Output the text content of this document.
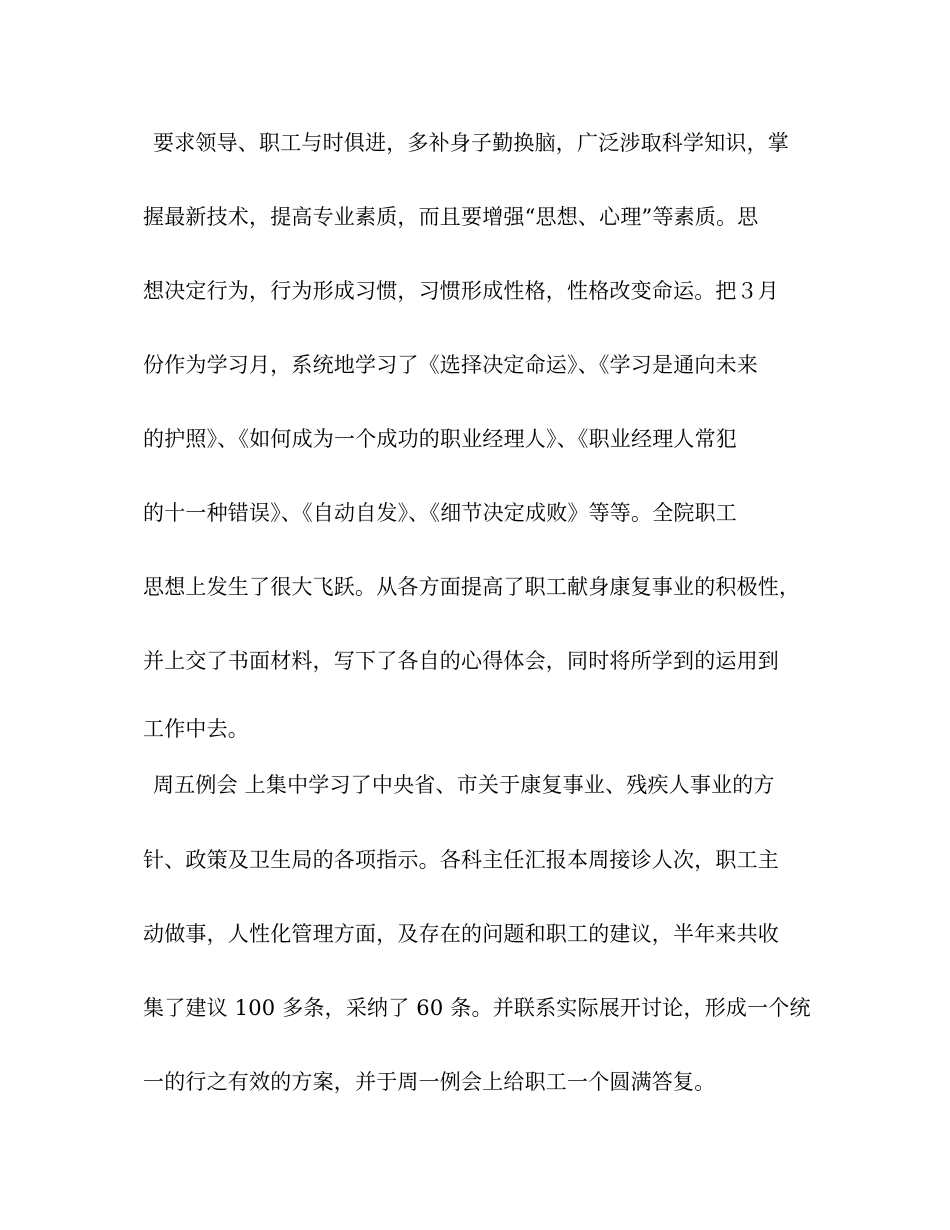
要求领导、职工与时俱进，多补身子勤换脑，广泛涉取科学知识，掌
握最新技术，提高专业素质，而且要增强“思想、心理”等素质。思
想决定行为，行为形成习惯，习惯形成性格，性格改变命运。把３月
份作为学习月，系统地学习了《选择决定命运》、《学习是通向未来
的护照》、《如何成为一个成功的职业经理人》、《职业经理人常犯
的十一种错误》、《自动自发》、《细节决定成败》等等。全院职工
思想上发生了很大飞跃。从各方面提高了职工献身康复事业的积极性，
并上交了书面材料，写下了各自的心得体会，同时将所学到的运用到
工作中去。
周五例会 上集中学习了中央省、市关于康复事业、残疾人事业的方
针、政策及卫生局的各项指示。各科主任汇报本周接诊人次，职工主
动做事，人性化管理方面，及存在的问题和职工的建议，半年来共收
集了建议 100 多条，采纳了 60 条。并联系实际展开讨论，形成一个统
一的行之有效的方案，并于周一例会上给职工一个圆满答复。
